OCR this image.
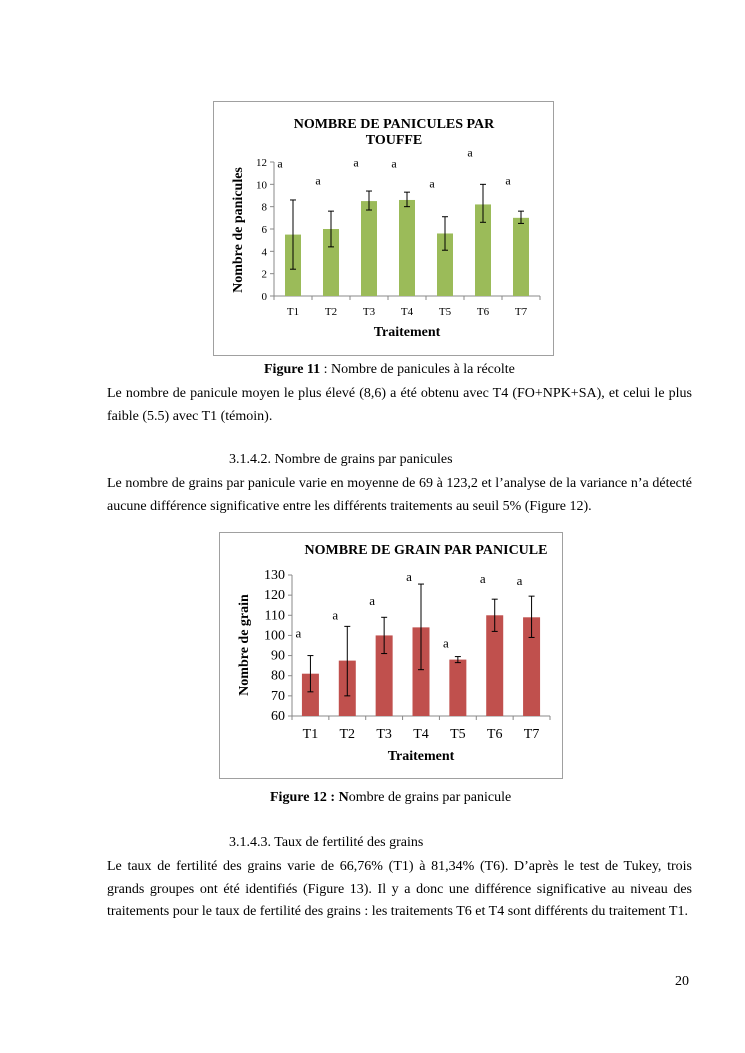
NOMBRE DE PANICULES PAR
TOUFFE
0
2
4
6
8
10
12
T1
a
T2
a
T3
a
T4
a
T5
a
T6
a
T7
a
Traitement
Nombre de panicules
Figure 11 : Nombre de panicules à la récolte
Le nombre de panicule moyen le plus élevé (8,6) a été obtenu avec T4 (FO+NPK+SA), et celui le plus faible (5.5) avec T1 (témoin).
3.1.4.2. Nombre de grains par panicules
Le nombre de grains par panicule varie en moyenne de 69 à 123,2 et l’analyse de la variance n’a détecté aucune différence significative entre les différents traitements au seuil 5% (Figure 12).
NOMBRE DE GRAIN PAR PANICULE
60
70
80
90
100
110
120
130
T1
a
T2
a
T3
a
T4
a
T5
a
T6
a
T7
a
Traitement
Nombre de grain
Figure 12 : Nombre de grains par panicule
3.1.4.3. Taux de fertilité des grains
Le taux de fertilité des grains varie de 66,76% (T1) à 81,34% (T6). D’après le test de Tukey, trois grands groupes ont été identifiés (Figure 13). Il y a donc une différence significative au niveau des traitements pour le taux de fertilité des grains : les traitements T6 et T4 sont différents du traitement T1.
20
